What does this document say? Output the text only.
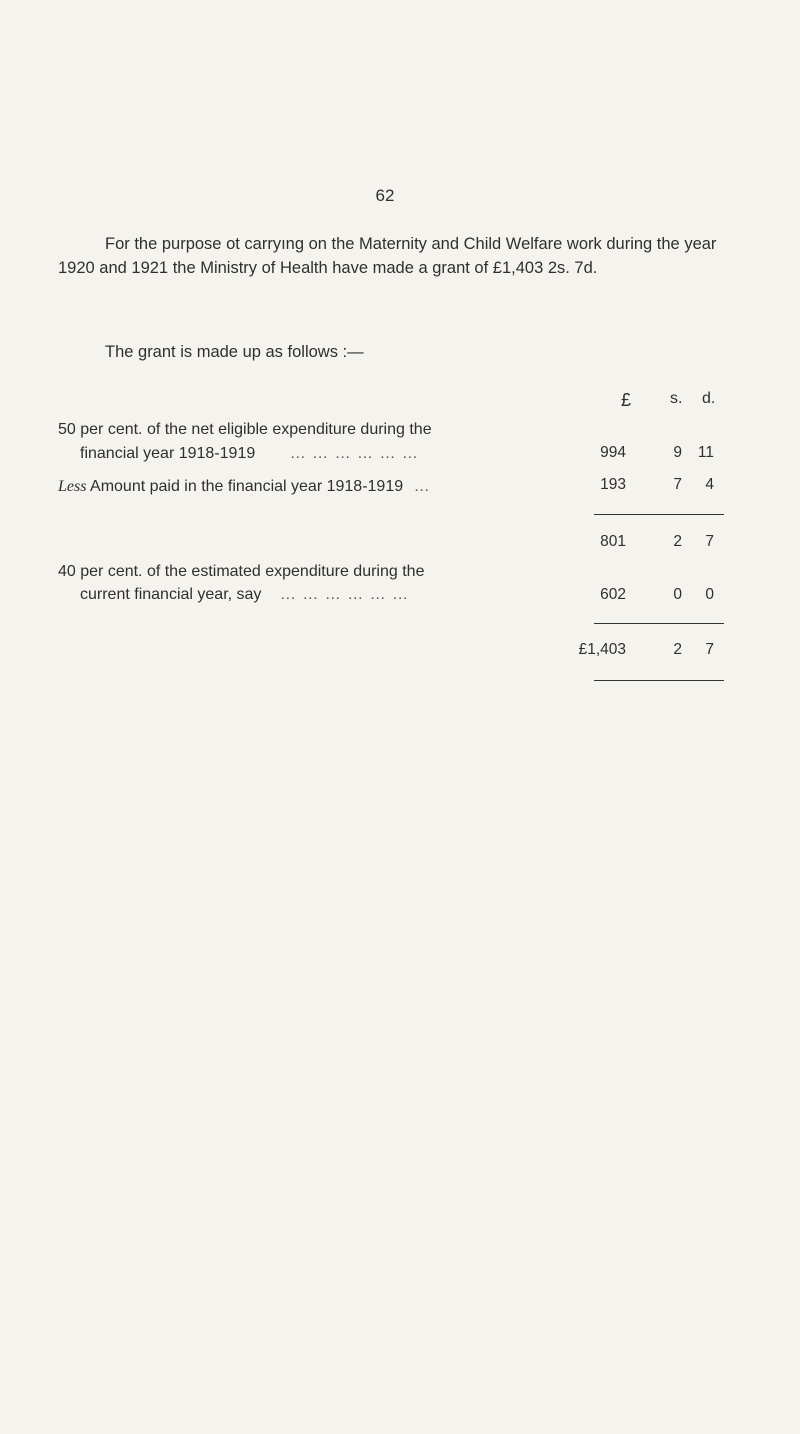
62

For the purpose ot carryıng on the Maternity and Child Welfare work during the year 1920 and 1921 the Ministry of Health have made a grant of £1,403 2s. 7d.

The grant is made up as follows :—

£ s. d.
50 per cent. of the net eligible expenditure during the
financial year 1918-1919 … … … … … …	994	9 11
Less Amount paid in the financial year 1918-1919 …	193	7	4
801	2	7
40 per cent. of the estimated expenditure during the
current financial year, say … … … … … …	602	0	0
£1,403	2	7
